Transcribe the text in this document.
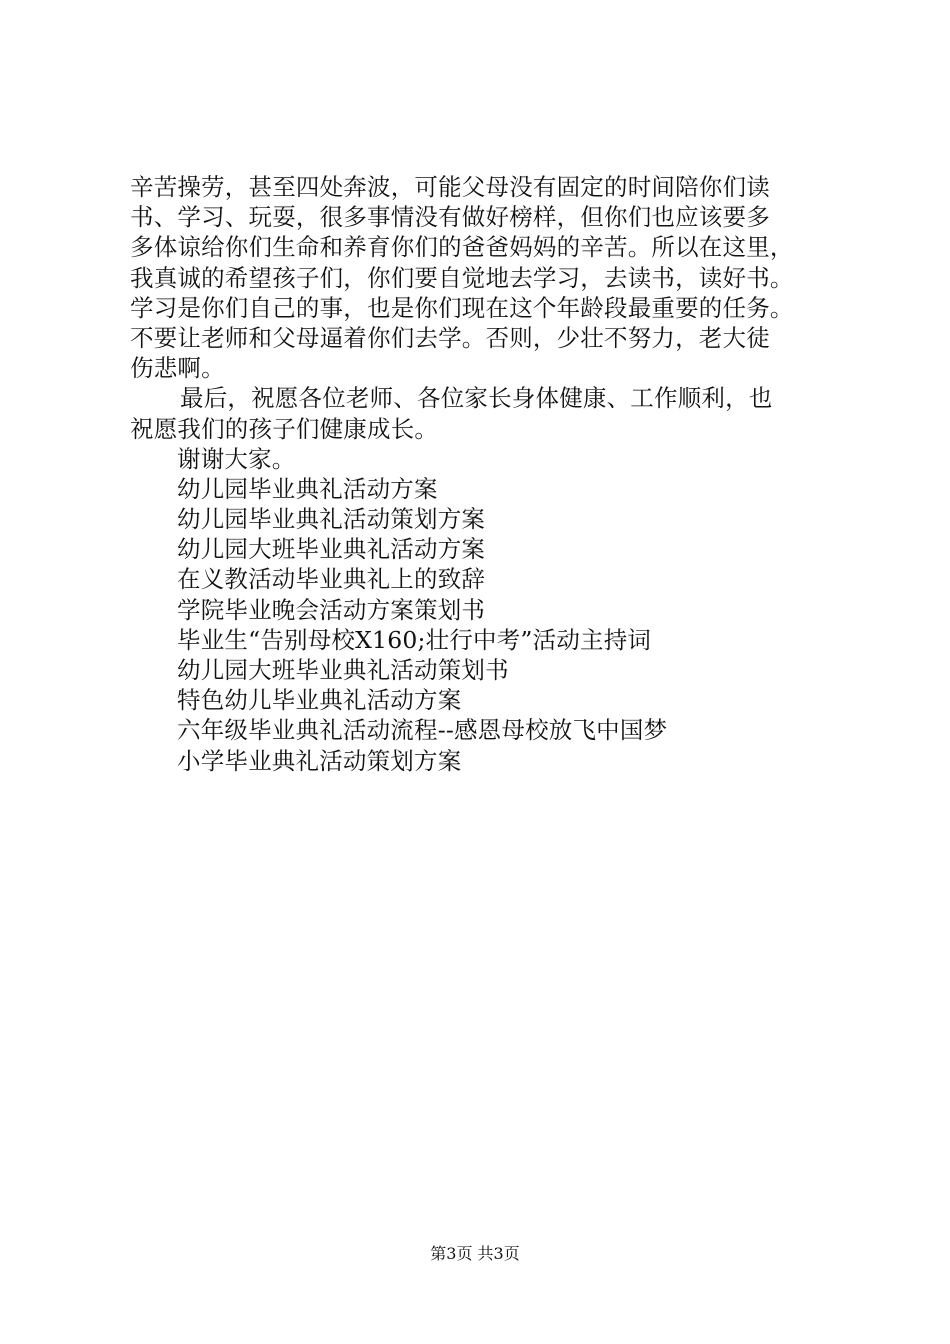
辛苦操劳，甚至四处奔波，可能父母没有固定的时间陪你们读
书、学习、玩耍，很多事情没有做好榜样，但你们也应该要多
多体谅给你们生命和养育你们的爸爸妈妈的辛苦。所以在这里，
我真诚的希望孩子们，你们要自觉地去学习，去读书，读好书。
学习是你们自己的事，也是你们现在这个年龄段最重要的任务。
不要让老师和父母逼着你们去学。否则，少壮不努力，老大徒
伤悲啊。
最后，祝愿各位老师、各位家长身体健康、工作顺利，也
祝愿我们的孩子们健康成长。
谢谢大家。
幼儿园毕业典礼活动方案
幼儿园毕业典礼活动策划方案
幼儿园大班毕业典礼活动方案
在义教活动毕业典礼上的致辞
学院毕业晚会活动方案策划书
毕业生“告别母校X160;壮行中考”活动主持词
幼儿园大班毕业典礼活动策划书
特色幼儿毕业典礼活动方案
六年级毕业典礼活动流程--感恩母校放飞中国梦
小学毕业典礼活动策划方案
第3页 共3页
